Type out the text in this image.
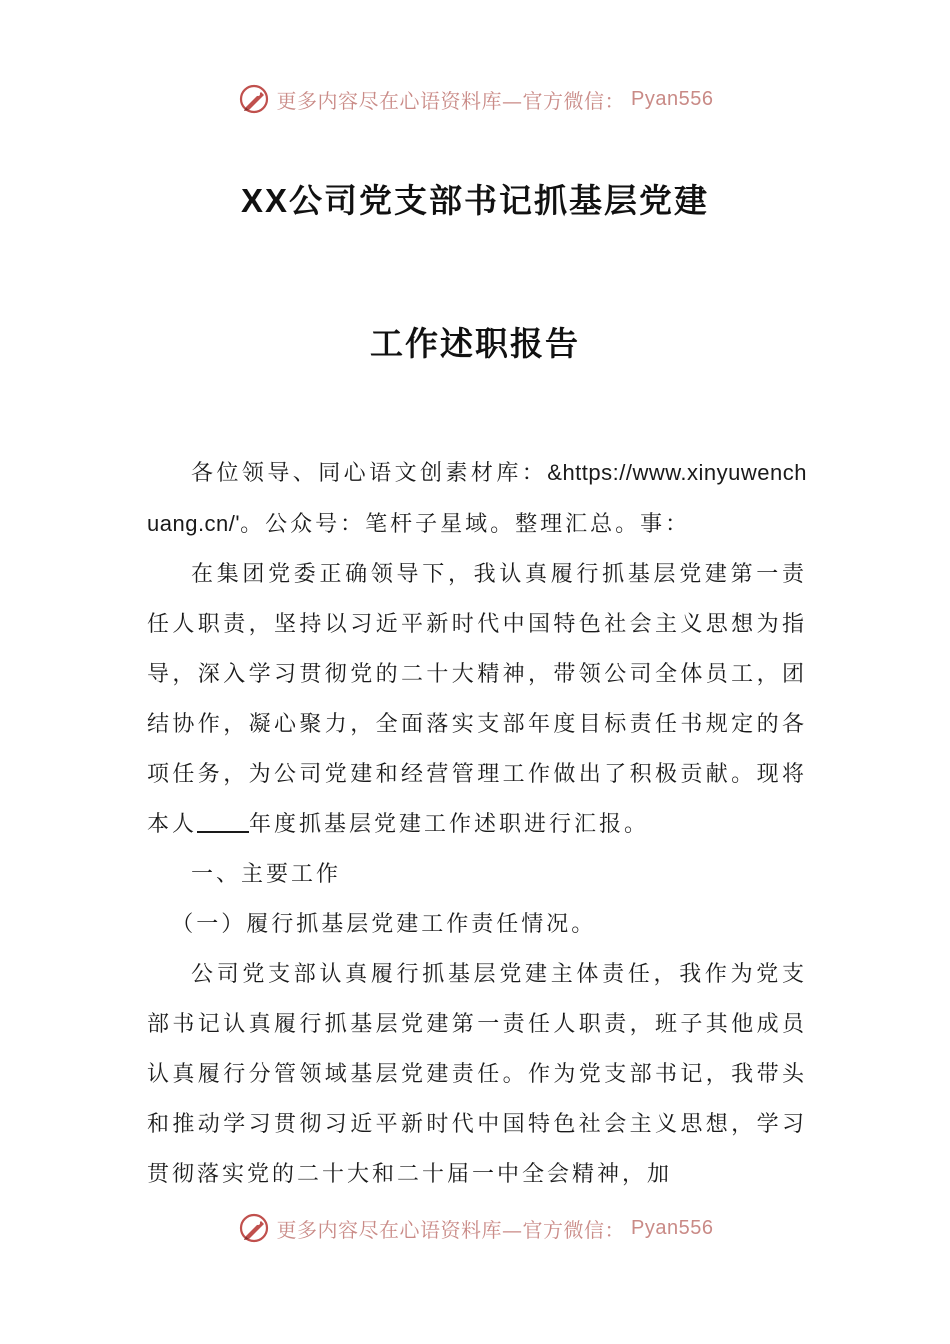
更多内容尽在心语资料库—官方微信： Pyan556
XX公司党支部书记抓基层党建
工作述职报告

各位领导、同心语文创素材库：&https://www.xinyuwenchuang.cn/'。公众号：笔杆子星域。整理汇总。事：

在集团党委正确领导下，我认真履行抓基层党建第一责任人职责，坚持以习近平新时代中国特色社会主义思想为指导，深入学习贯彻党的二十大精神，带领公司全体员工，团结协作，凝心聚力，全面落实支部年度目标责任书规定的各项任务，为公司党建和经营管理工作做出了积极贡献。现将本人 年度抓基层党建工作述职进行汇报。

一、主要工作

（一）履行抓基层党建工作责任情况。

公司党支部认真履行抓基层党建主体责任，我作为党支部书记认真履行抓基层党建第一责任人职责，班子其他成员认真履行分管领域基层党建责任。作为党支部书记，我带头和推动学习贯彻习近平新时代中国特色社会主义思想，学习贯彻落实党的二十大和二十届一中全会精神，加

更多内容尽在心语资料库—官方微信： Pyan556
